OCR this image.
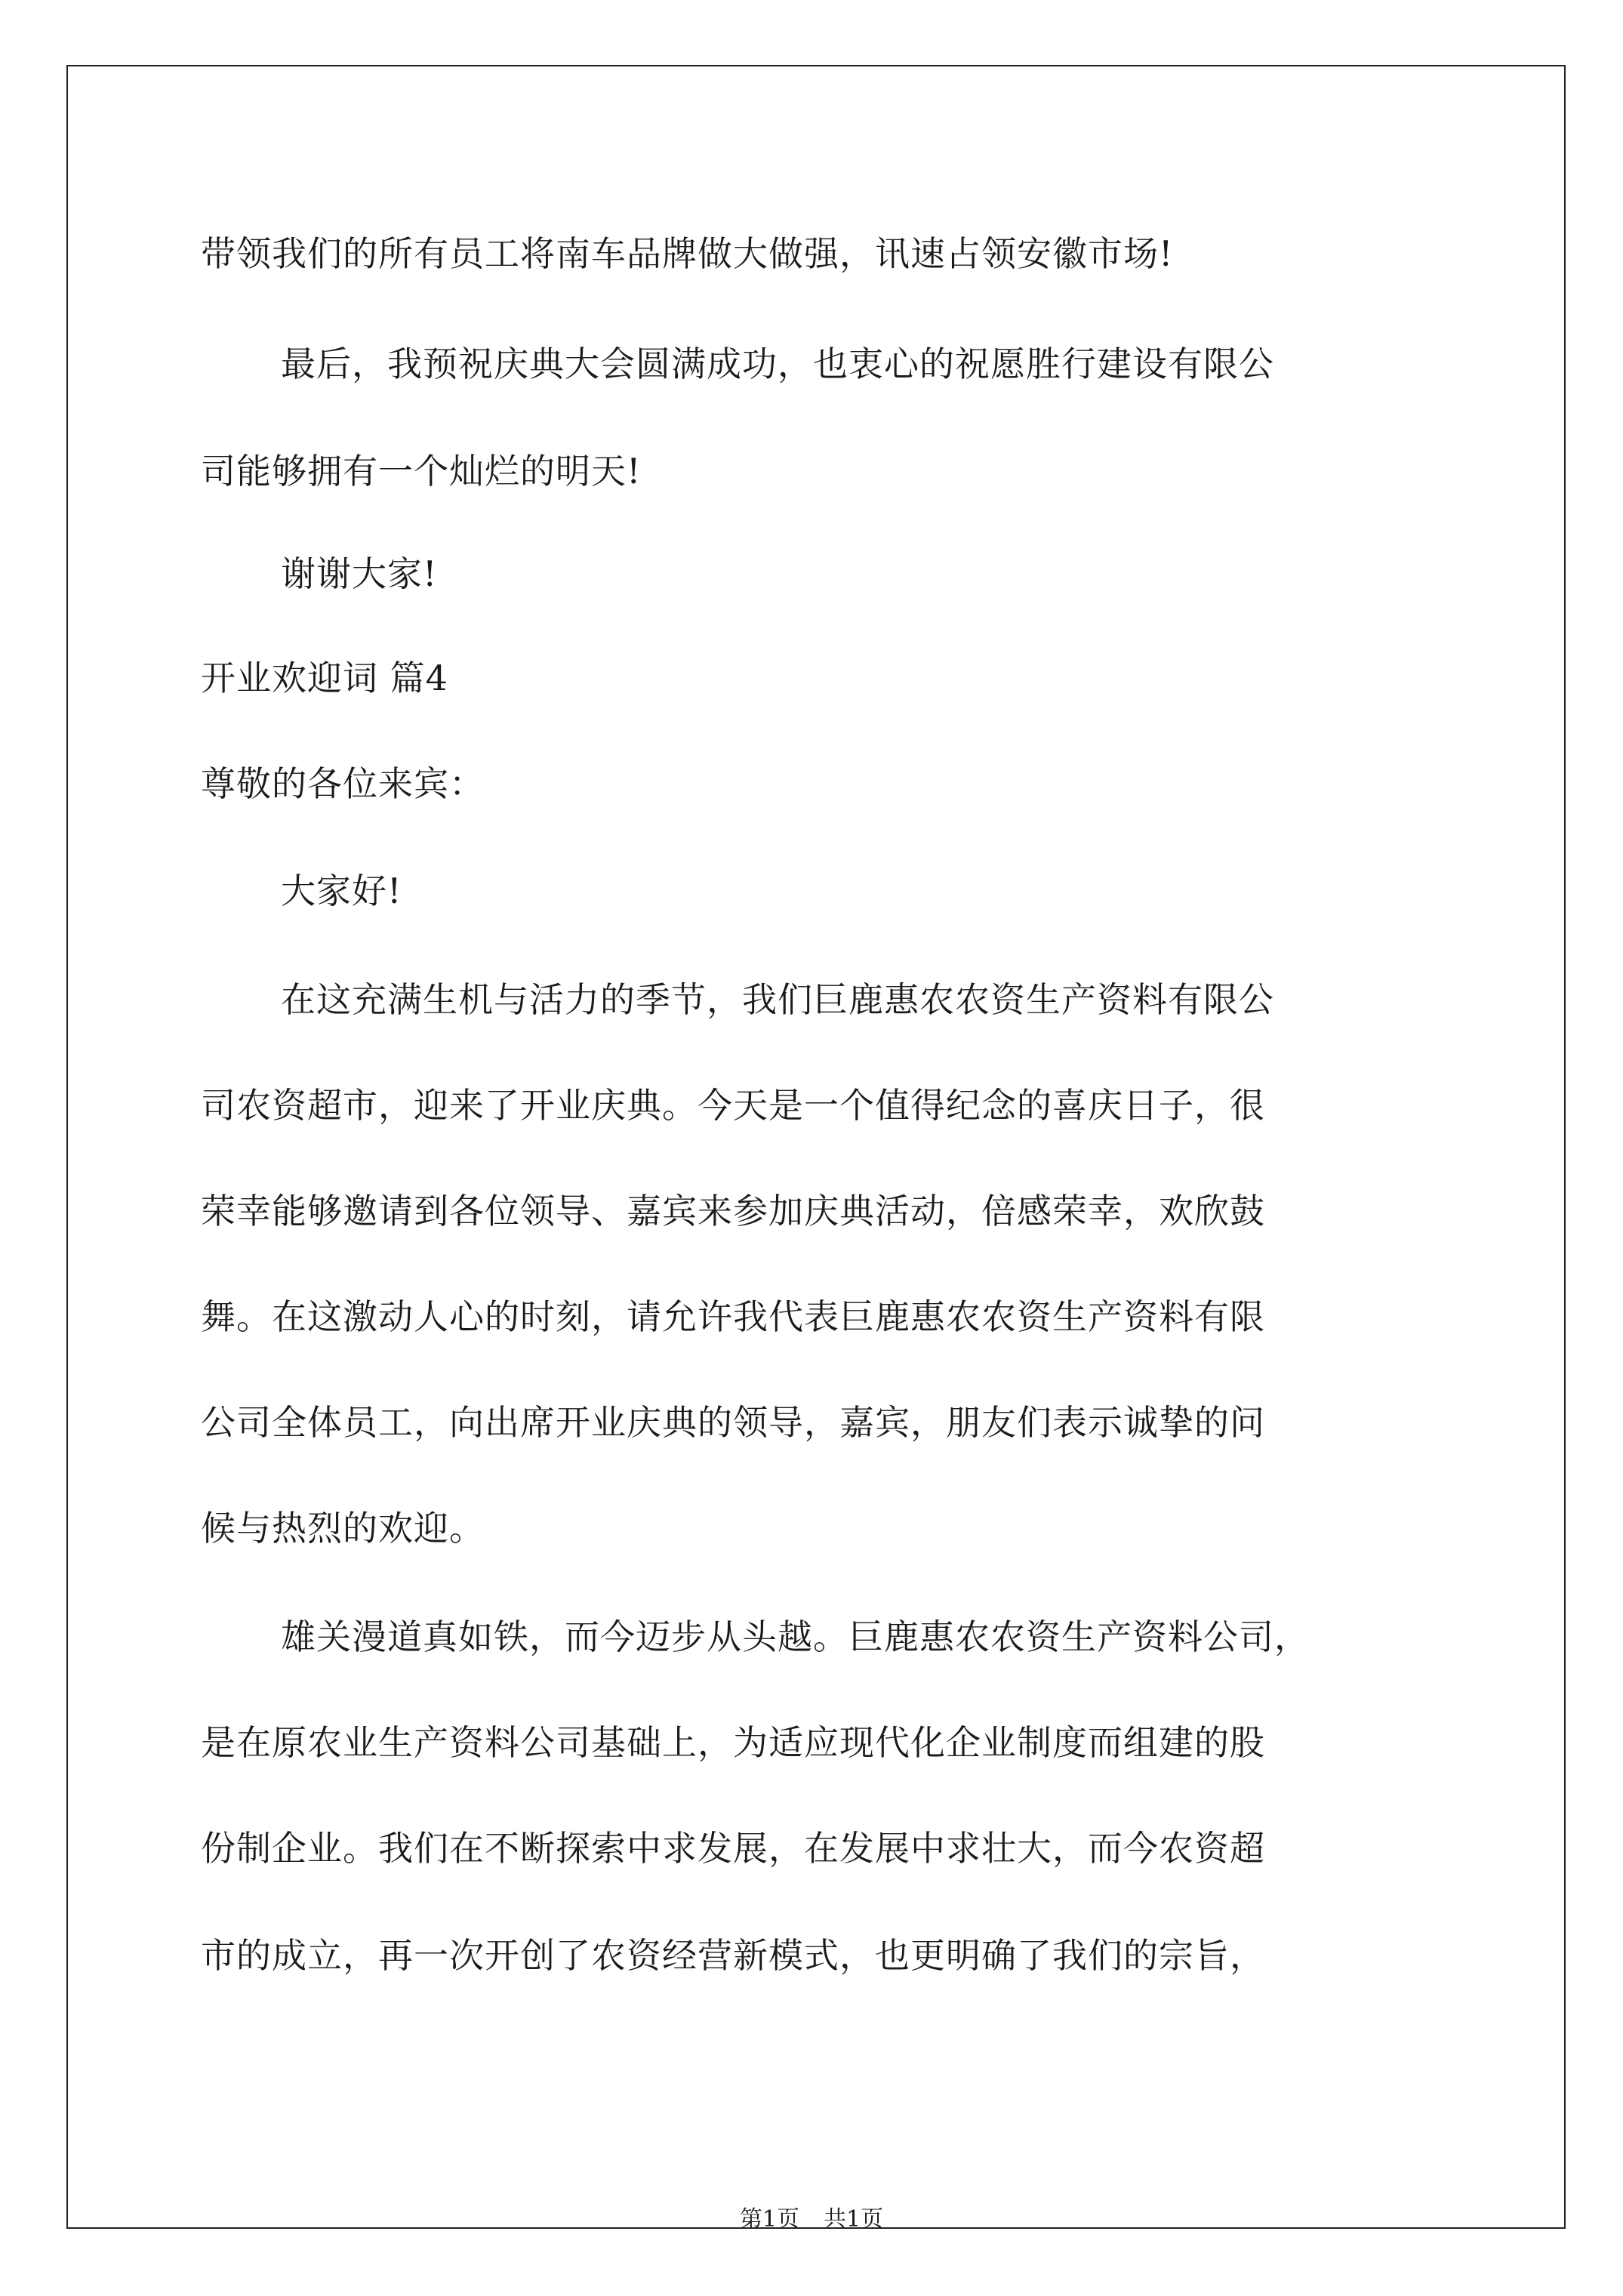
带领我们的所有员工将南车品牌做大做强，讯速占领安徽市场!
最后，我预祝庆典大会圆满成功，也衷心的祝愿胜行建设有限公
司能够拥有一个灿烂的明天!
谢谢大家!
开业欢迎词 篇4
尊敬的各位来宾：
大家好!
在这充满生机与活力的季节，我们巨鹿惠农农资生产资料有限公
司农资超市，迎来了开业庆典。今天是一个值得纪念的喜庆日子，很
荣幸能够邀请到各位领导、嘉宾来参加庆典活动，倍感荣幸，欢欣鼓
舞。在这激动人心的时刻，请允许我代表巨鹿惠农农资生产资料有限
公司全体员工，向出席开业庆典的领导，嘉宾，朋友们表示诚挚的问
候与热烈的欢迎。
雄关漫道真如铁，而今迈步从头越。巨鹿惠农农资生产资料公司，
是在原农业生产资料公司基础上，为适应现代化企业制度而组建的股
份制企业。我们在不断探索中求发展，在发展中求壮大，而今农资超
市的成立，再一次开创了农资经营新模式，也更明确了我们的宗旨，
第1页 共1页
